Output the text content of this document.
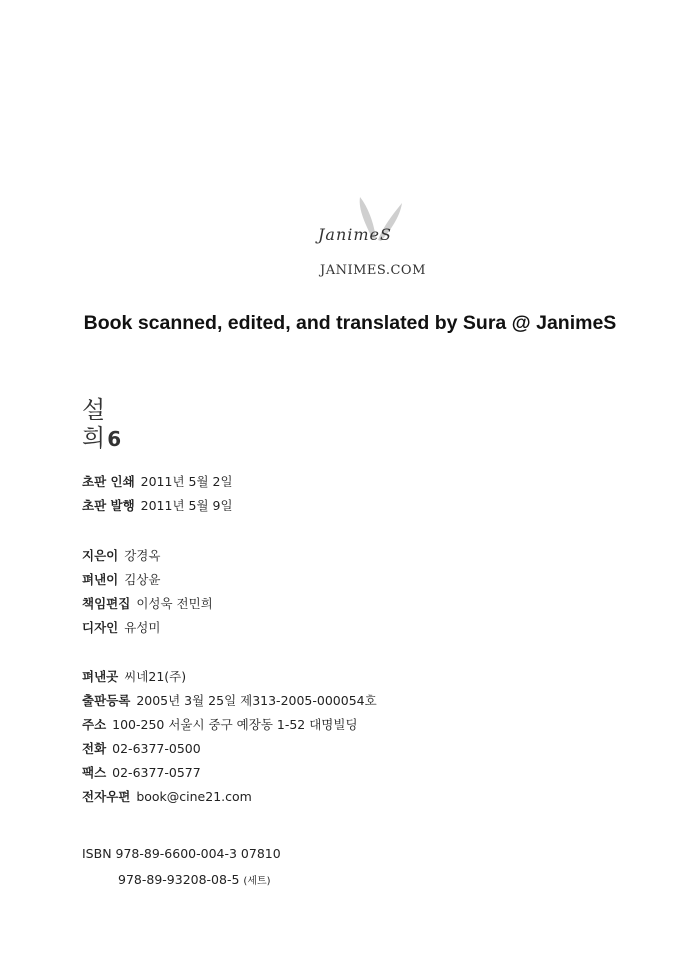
JanimeS
JANIMES.COM
Book scanned, edited, and translated by Sura @ JanimeS
설
희 6
초판 인쇄 2011년 5월 2일
초판 발행 2011년 5월 9일
지은이 강경옥
펴낸이 김상윤
책임편집 이성욱 전민희
디자인 유성미
펴낸곳 씨네21(주)
출판등록 2005년 3월 25일 제313-2005-000054호
주소 100-250 서울시 중구 예장동 1-52 대명빌딩
전화 02-6377-0500
팩스 02-6377-0577
전자우편 book@cine21.com
ISBN 978-89-6600-004-3 07810
978-89-93208-08-5 (세트)
